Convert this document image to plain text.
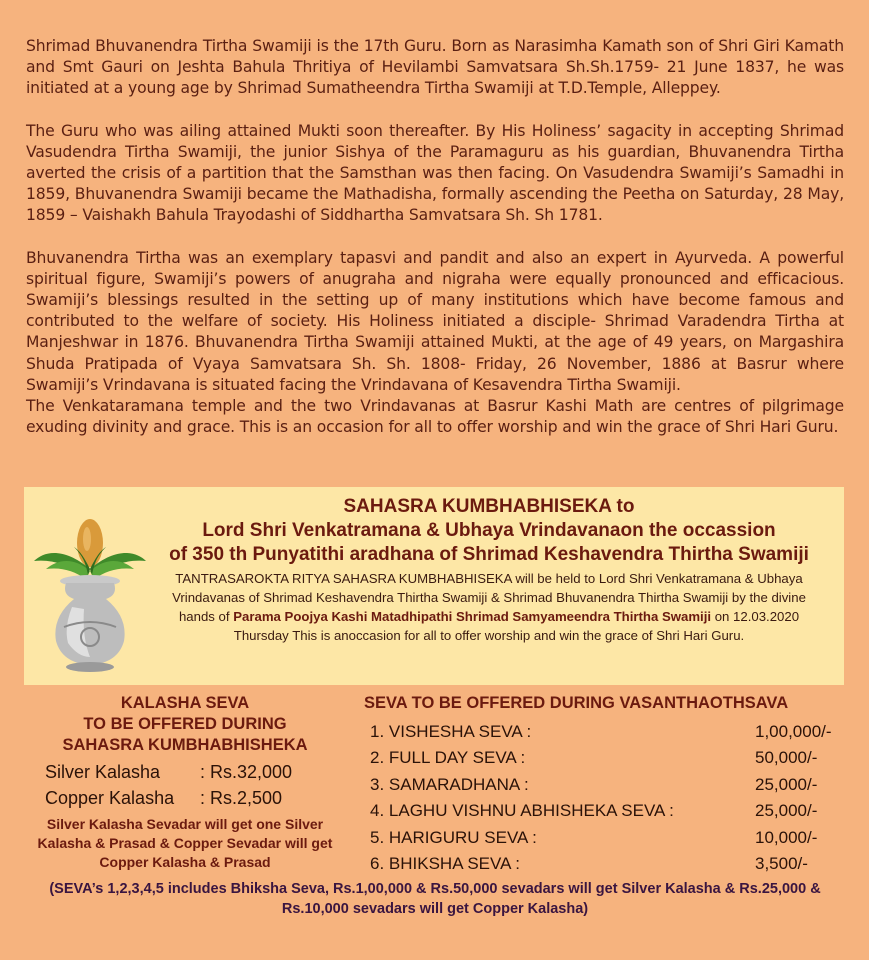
Shrimad Bhuvanendra Tirtha Swamiji is the 17th Guru. Born as Narasimha Kamath son of Shri Giri Kamath and Smt Gauri on Jeshta Bahula Thritiya of Hevilambi Samvatsara Sh.Sh.1759- 21 June 1837, he was initiated at a young age by Shrimad Sumatheendra Tirtha Swamiji at T.D.Temple, Alleppey.

The Guru who was ailing attained Mukti soon thereafter. By His Holiness’ sagacity in accepting Shrimad Vasudendra Tirtha Swamiji, the junior Sishya of the Paramaguru as his guardian, Bhuvanendra Tirtha averted the crisis of a partition that the Samsthan was then facing. On Vasudendra Swamiji’s Samadhi in 1859, Bhuvanendra Swamiji became the Mathadisha, formally ascending the Peetha on Saturday, 28 May, 1859 – Vaishakh Bahula Trayodashi of Siddhartha Samvatsara Sh. Sh 1781.

Bhuvanendra Tirtha was an exemplary tapasvi and pandit and also an expert in Ayurveda. A powerful spiritual figure, Swamiji’s powers of anugraha and nigraha were equally pronounced and efficacious. Swamiji’s blessings resulted in the setting up of many institutions which have become famous and contributed to the welfare of society. His Holiness initiated a disciple- Shrimad Varadendra Tirtha at Manjeshwar in 1876. Bhuvanendra Tirtha Swamiji attained Mukti, at the age of 49 years, on Margashira Shuda Pratipada of Vyaya Samvatsara Sh. Sh. 1808- Friday, 26 November, 1886 at Basrur where Swamiji’s Vrindavana is situated facing the Vrindavana of Kesavendra Tirtha Swamiji.

The Venkataramana temple and the two Vrindavanas at Basrur Kashi Math are centres of pilgrimage exuding divinity and grace. This is an occasion for all to offer worship and win the grace of Shri Hari Guru.

SAHASRA KUMBHABHISEKA to
Lord Shri Venkatramana & Ubhaya Vrindavanaon the occassion
of 350 th Punyatithi aradhana of Shrimad Keshavendra Thirtha Swamiji
TANTRASAROKTA RITYA SAHASRA KUMBHABHISEKA will be held to Lord Shri Venkatramana & Ubhaya Vrindavanas of Shrimad Keshavendra Thirtha Swamiji & Shrimad Bhuvanendra Thirtha Swamiji by the divine hands of Parama Poojya Kashi Matadhipathi Shrimad Samyameendra Thirtha Swamiji on 12.03.2020 Thursday This is anoccasion for all to offer worship and win the grace of Shri Hari Guru.
KALASHA SEVA
TO BE OFFERED DURING
SAHASRA KUMBHABHISHEKA
Silver Kalasha : Rs.32,000
Copper Kalasha : Rs.2,500
Silver Kalasha Sevadar will get one Silver Kalasha & Prasad & Copper Sevadar will get Copper Kalasha & Prasad
SEVA TO BE OFFERED DURING VASANTHAOTHSAVA
1. VISHESHA SEVA :	1,00,000/-
2. FULL DAY SEVA :	50,000/-
3. SAMARADHANA :	25,000/-
4. LAGHU VISHNU ABHISHEKA SEVA :	25,000/-
5. HARIGURU SEVA :	10,000/-
6. BHIKSHA SEVA :	3,500/-
(SEVA’s 1,2,3,4,5 includes Bhiksha Seva, Rs.1,00,000 & Rs.50,000 sevadars will get Silver Kalasha & Rs.25,000 & Rs.10,000 sevadars will get Copper Kalasha)
